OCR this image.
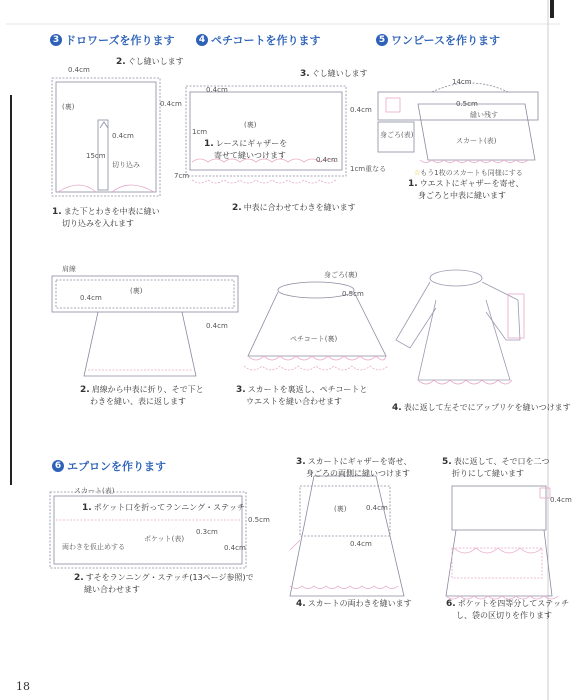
3 ドロワーズを作ります	4 ペチコートを作ります	5 ワンピースを作ります
6 エプロンを作ります
2. ぐし縫いします
1. また下とわきを中表に縫い
切り込みを入れます
3. ぐし縫いします
1. レースにギャザーを
寄せて縫いつけます
2. 中表に合わせてわきを縫います
1. ウエストにギャザーを寄せ、
身ごろと中表に縫います
2. 肩線から中表に折り、そで下と
わきを縫い、表に返します
3. スカートを裏返し、ペチコートと
ウエストを縫い合わせます
4. 表に返して左そでにアップリケを縫いつけます
1. ポケット口を折ってランニング・ステッチ
2. すそをランニング・ステッチ(13ページ参照)で
縫い合わせます
3. スカートにギャザーを寄せ、
身ごろの両側に縫いつけます
4. スカートの両わきを縫います
5. 表に返して、そで口を二つ
折りにして縫います
6. ポケットを四等分してステッチ
し、袋の区切りを作ります
0.4cm
(裏)
0.4cm
15cm
切り込み
0.4cm
0.4cm
(裏)
1cm
7cm
0.4cm
0.4cm
1cm重なる
14cm
0.5cm
縫い残す
スカート(表)
身ごろ(表)
☆もう1枚のスカートも同様にする
肩線
(裏)
0.4cm
0.4cm
身ごろ(裏)
0.5cm
ペチコート(裏)
スカート(表)
0.5cm
0.3cm
ポケット(表)
両わきを仮止めする	0.4cm
(裏)	0.4cm
0.4cm
0.4cm
18
